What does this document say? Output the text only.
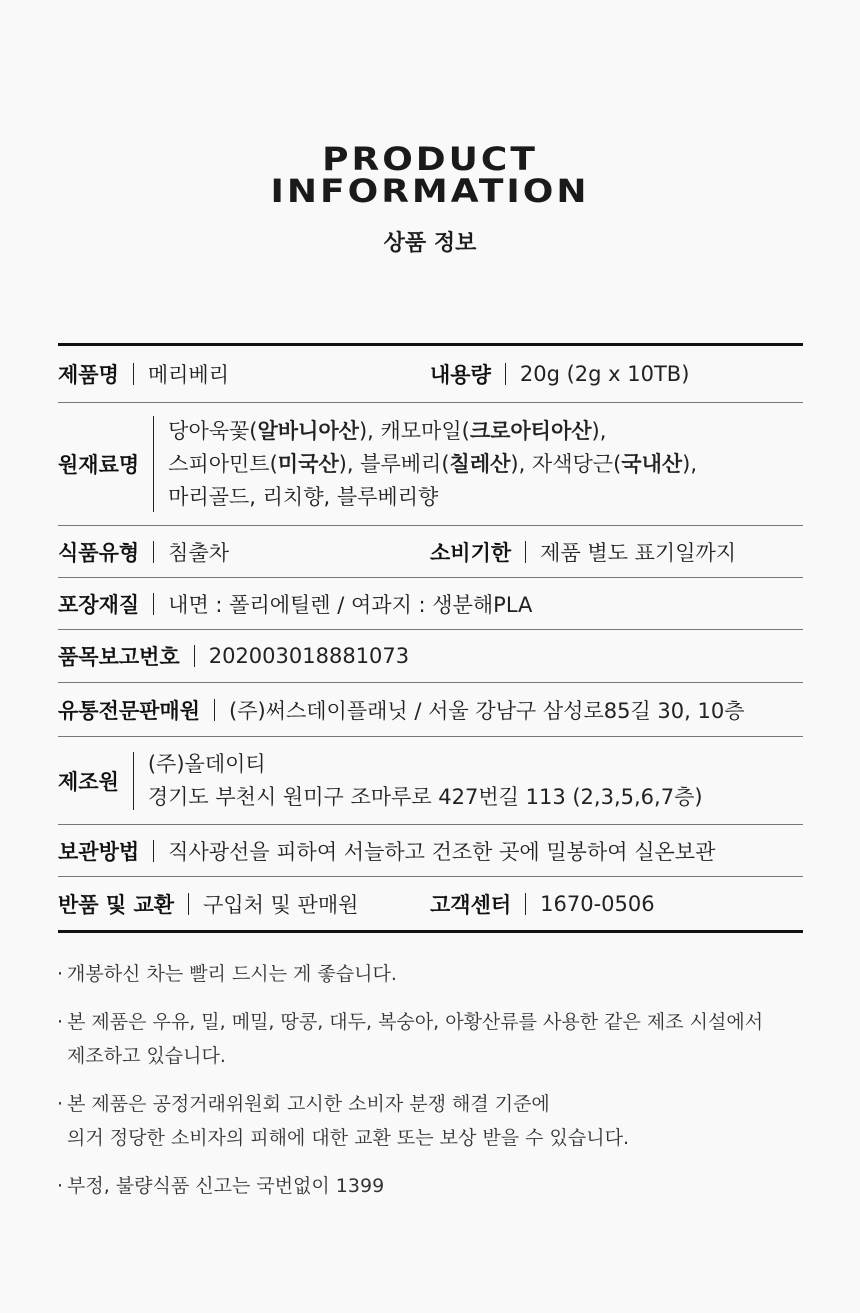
PRODUCT
INFORMATION
상품 정보
제품명 메리베리	내용량 20g (2g x 10TB)
원재료명
당아욱꽃(알바니아산), 캐모마일(크로아티아산),
스피아민트(미국산), 블루베리(칠레산), 자색당근(국내산),
마리골드, 리치향, 블루베리향
식품유형 침출차	소비기한 제품 별도 표기일까지
포장재질 내면 : 폴리에틸렌 / 여과지 : 생분해PLA
품목보고번호 202003018881073
유통전문판매원 (주)써스데이플래닛 / 서울 강남구 삼성로85길 30, 10층
제조원
(주)올데이티
경기도 부천시 원미구 조마루로 427번길 113 (2,3,5,6,7층)
보관방법 직사광선을 피하여 서늘하고 건조한 곳에 밀봉하여 실온보관
반품 및 교환 구입처 및 판매원	고객센터 1670-0506
· 개봉하신 차는 빨리 드시는 게 좋습니다.
· 본 제품은 우유, 밀, 메밀, 땅콩, 대두, 복숭아, 아황산류를 사용한 같은 제조 시설에서
제조하고 있습니다.
· 본 제품은 공정거래위원회 고시한 소비자 분쟁 해결 기준에
의거 정당한 소비자의 피해에 대한 교환 또는 보상 받을 수 있습니다.
· 부정, 불량식품 신고는 국번없이 1399
